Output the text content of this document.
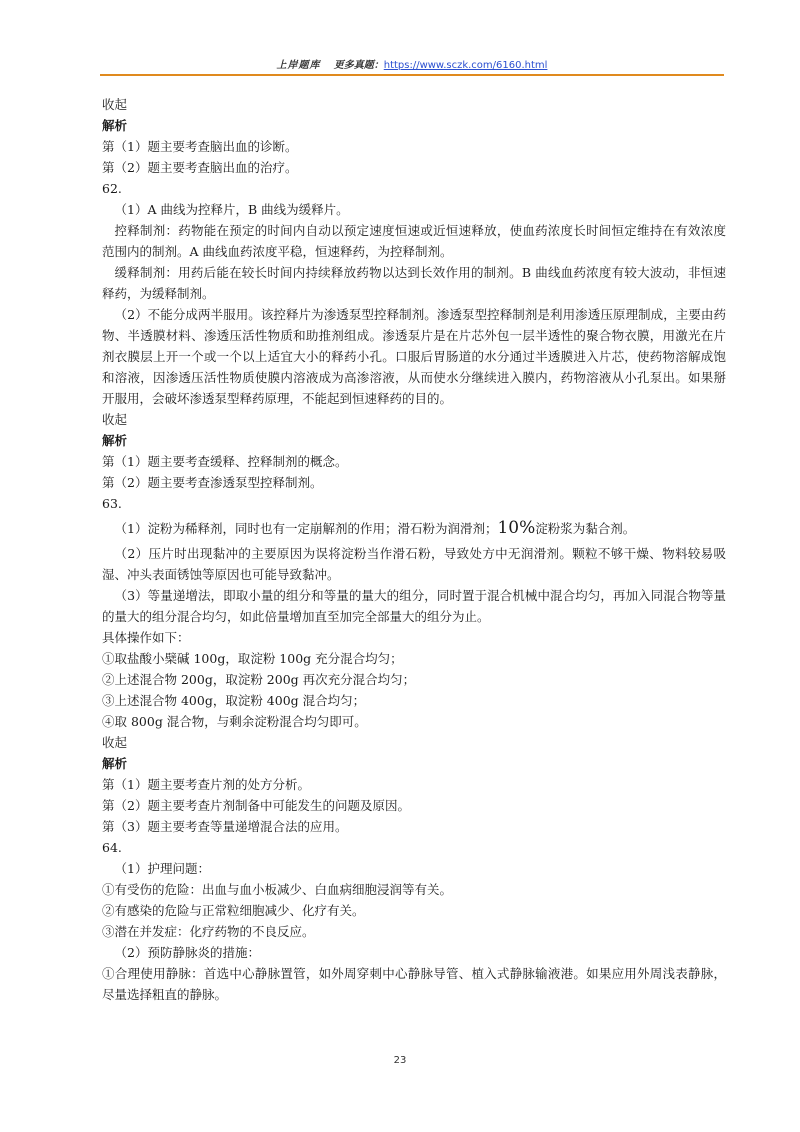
上岸题库 更多真题：https://www.sczk.com/6160.html
收起
解析
第（1）题主要考查脑出血的诊断。
第（2）题主要考查脑出血的治疗。
62.
（1）A 曲线为控释片，B 曲线为缓释片。
控释制剂：药物能在预定的时间内自动以预定速度恒速或近恒速释放，使血药浓度长时间恒定维持在有效浓度范围内的制剂。A 曲线血药浓度平稳，恒速释药，为控释制剂。
缓释制剂：用药后能在较长时间内持续释放药物以达到长效作用的制剂。B 曲线血药浓度有较大波动，非恒速释药，为缓释制剂。
（2）不能分成两半服用。该控释片为渗透泵型控释制剂。渗透泵型控释制剂是利用渗透压原理制成，主要由药物、半透膜材料、渗透压活性物质和助推剂组成。渗透泵片是在片芯外包一层半透性的聚合物衣膜，用激光在片剂衣膜层上开一个或一个以上适宜大小的释药小孔。口服后胃肠道的水分通过半透膜进入片芯，使药物溶解成饱和溶液，因渗透压活性物质使膜内溶液成为高渗溶液，从而使水分继续进入膜内，药物溶液从小孔泵出。如果掰开服用，会破坏渗透泵型释药原理，不能起到恒速释药的目的。
收起
解析
第（1）题主要考查缓释、控释制剂的概念。
第（2）题主要考查渗透泵型控释制剂。
63.
（1）淀粉为稀释剂，同时也有一定崩解剂的作用；滑石粉为润滑剂；10%淀粉浆为黏合剂。
（2）压片时出现黏冲的主要原因为误将淀粉当作滑石粉，导致处方中无润滑剂。颗粒不够干燥、物料较易吸湿、冲头表面锈蚀等原因也可能导致黏冲。
（3）等量递增法，即取小量的组分和等量的量大的组分，同时置于混合机械中混合均匀，再加入同混合物等量的量大的组分混合均匀，如此倍量增加直至加完全部量大的组分为止。
具体操作如下：
①取盐酸小檗碱 100g，取淀粉 100g 充分混合均匀；
②上述混合物 200g，取淀粉 200g 再次充分混合均匀；
③上述混合物 400g，取淀粉 400g 混合均匀；
④取 800g 混合物，与剩余淀粉混合均匀即可。
收起
解析
第（1）题主要考查片剂的处方分析。
第（2）题主要考查片剂制备中可能发生的问题及原因。
第（3）题主要考查等量递增混合法的应用。
64.
（1）护理问题：
①有受伤的危险：出血与血小板减少、白血病细胞浸润等有关。
②有感染的危险与正常粒细胞减少、化疗有关。
③潜在并发症：化疗药物的不良反应。
（2）预防静脉炎的措施：
①合理使用静脉：首选中心静脉置管，如外周穿刺中心静脉导管、植入式静脉输液港。如果应用外周浅表静脉，尽量选择粗直的静脉。
23
